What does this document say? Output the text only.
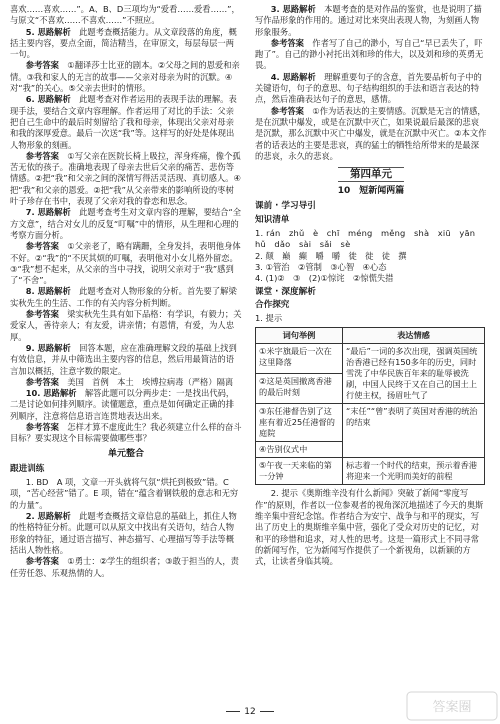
喜欢……喜欢……”。A、B、D三项均为“爱看……爱看……”，与原文“不喜欢……不喜欢……”不照应。

5. 思路解析　 此题考查概括能力。从文章段落的角度，概括主要内容，要点全面，简洁精当，在审原文，每层每层一两一句。

参考答案　 ①翻译莎士比亚的剧本。②父母之间的恩爱和亲情。③我和家人的无言的故事——父亲对母亲为时的沉默。④对“我”的关心。⑤父亲去世时的情形。

6. 思路解析　 此题考查对作者运用的表现手法的理解。表现手法，要结合文章内容理解。作者运用了对比的手法：父亲把自己生命中的最后时刻留给了我和母亲，体现出父亲对母亲和我的深厚爱意。最后一次送“我”等。这样写的好处是体现出人物形象的刻画。

参考答案　 ①写父亲在医院长椅上吸拉，浑身疼痛，像个孤苦无依的孩子。准确地表现了母亲去世后父亲的痛苦、悲伤等情感。②把“我”和父亲之间的深情写得活灵活现、真切感人。④把“我”和父亲的恩爱。②把“我”从父亲带来的影响所设的枣树叶子珍存在书中，表现了父亲对我的眷恋和思念。

7. 思路解析　 此题考查考生对文章内容的理解，要结合“全方文意”，结合对女儿的反复“叮嘱”中的情形，从生理和心理的考察方面分析。

参考答案　 ①父亲老了，略有蹒跚，全身发抖，表明他身体不好。②“我”的“不厌其烦的叮嘱，表明他对小女儿格外留恋。③“我”想不起来，从父亲的当中寻找，说明父亲对于“我”感到了“不舍”。

8. 思路解析　 此题考查对人物形象的分析。首先要了解梁实秋先生的生活、工作的有关内容分析判断。

参考答案　 梁实秋先生具有如下品格：有学识，有毅力；关爱家人，善待亲人；有友爱，讲亲情；有恩情，有爱，为人忠厚。

9. 思路解析　 回答本题，应在准确理解文段的基础上找到有效信息，并从中筛选出主要内容的信息，然后用最简洁的语言加以概括，注意字数的限定。

参考答案　 美国　首例　本土　埃博拉病毒（严格）隔离

10. 思路解析　 解答此题可以分两步走：一是找出代码，二是讨论如何排列顺序。读懂题意，重点是如何确定正确的排列顺序，注意将信息语言连贯地表达出来。

参考答案　 怎样才算不虚度此生？我必须建立什么样的奋斗目标？要实现这个目标需要做哪些事？

单元整合
跟进训练

1. BD　A 项，文章一开头就将气氛“烘托到极致”错。C 项，“苦心经营”错了。E 项，错在“蕴含着钢铁般的意志和无穷的力量”。

2. 思路解析　 此题考查概括文章信息的基础上，抓住人物的性格特征分析。此题可以从原文中找出有关语句，结合人物形象的特征，通过语言描写、神态描写、心理描写等手法等概括出人物性格。

参考答案　 ①勇士：②学生的组织者；③敢于担当的人，责任劳任怨、乐观热情的人。

3. 思路解析　 本题考查的是对作品的鉴赏，也是说明了描写作品形象的作用的。通过对比来突出表现人物，为刻画人物形象服务。

参考答案　 作者写了自己的渺小，写自己“早已丢失了，吓跑了”。自己的渺小衬托出刘和珍的伟大，以及刘和珍的英勇无畏。

4. 思路解析　 理解重要句子的含意，首先要品析句子中的关键语句，句子的意思、句子结构组织的手法和语言表达的特点，然后准确表达句子的意思，感情。

参考答案　 ①作为话表达的主要情感。沉默是无言的情感，是在沉默中爆发，或是在沉默中灭亡，如果说最后最深的悲哀是沉默，那么沉默中灭亡中爆发，就是在沉默中灭亡。②本文作者的话表达的主要是悲哀，真的猛士的牺牲给所带来的是最深的悲哀，永久的悲哀。

第四单元
10　短新闻两篇
课前 · 学习导引
知识清单

1. rán　zhǔ　è　chī　méng　měng　shà　xiū　yān　hǔ　dǎo　sài　sǎi　sè

2. 颠　巅　癫　嚼　嚼　徙　徙　徒　撰

3. ①管治　②管制　③心智　④心态

4. (1)②　③　(2)①惊诧　②惊慌失措

课堂 · 深度解析
合作探究

1. 提示

词句举例	表达情感
①米字旗最后一次在这里降落	“最后”一词的多次出现，强调英国统治香港已经有150多年的历史，同时雪洗了中华民族百年来的耻辱被洗刷，中国人民终于又在自己的国土上行使主权，扬眉吐气了
②这是英国撤离香港的最后时刻	
③东任港督告别了这座有着近25任港督的庭院	“末任”“曾”表明了英国对香港的统治的结束
④告别仪式中	
⑤午夜一天来临的第一分钟	标志着一个时代的结束，预示着香港将迎来一个光明而美好的前程

2. 提示《奥斯维辛没有什么新闻》突破了新闻“零度写作”的原则，作者以一位参观者的视角深沉地描述了今天的奥斯维辛集中营纪念馆。作者结合为安宁、战争与和平的现实，写出了历史上的奥斯维辛集中营，强化了受众对历史的记忆，对和平的珍惜和追求，对人性的思考。这是一篇形式上不同寻常的新闻写作，它为新闻写作提供了一个新视角，以新颖的方式，让读者身临其境。

12	答案圈
